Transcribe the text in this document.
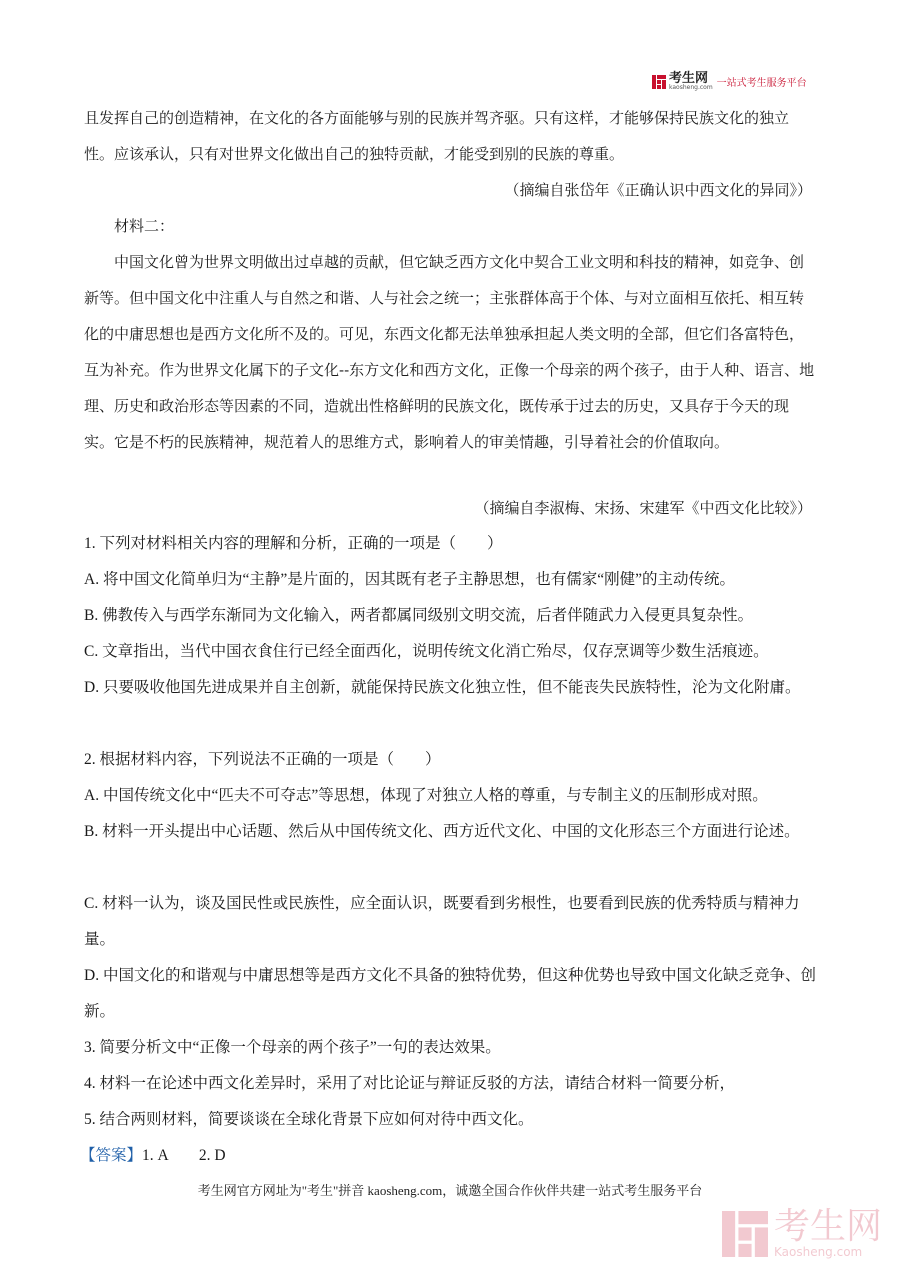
考生网
kaosheng.com 一站式考生服务平台

且发挥自己的创造精神，在文化的各方面能够与别的民族并驾齐驱。只有这样，才能够保持民族文化的独立性。应该承认，只有对世界文化做出自己的独特贡献，才能受到别的民族的尊重。

（摘编自张岱年《正确认识中西文化的异同》）

材料二：

中国文化曾为世界文明做出过卓越的贡献，但它缺乏西方文化中契合工业文明和科技的精神，如竞争、创新等。但中国文化中注重人与自然之和谐、人与社会之统一；主张群体高于个体、与对立面相互依托、相互转化的中庸思想也是西方文化所不及的。可见，东西文化都无法单独承担起人类文明的全部，但它们各富特色，互为补充。作为世界文化属下的子文化--东方文化和西方文化，正像一个母亲的两个孩子，由于人种、语言、地理、历史和政治形态等因素的不同，造就出性格鲜明的民族文化，既传承于过去的历史，又具存于今天的现实。它是不朽的民族精神，规范着人的思维方式，影响着人的审美情趣，引导着社会的价值取向。

（摘编自李淑梅、宋扬、宋建军《中西文化比较》）

1. 下列对材料相关内容的理解和分析，正确的一项是（　　）

A. 将中国文化简单归为“主静”是片面的，因其既有老子主静思想，也有儒家“刚健”的主动传统。

B. 佛教传入与西学东渐同为文化输入，两者都属同级别文明交流，后者伴随武力入侵更具复杂性。

C. 文章指出，当代中国衣食住行已经全面西化，说明传统文化消亡殆尽，仅存烹调等少数生活痕迹。

D. 只要吸收他国先进成果并自主创新，就能保持民族文化独立性，但不能丧失民族特性，沦为文化附庸。

2. 根据材料内容，下列说法不正确的一项是（　　）

A. 中国传统文化中“匹夫不可夺志”等思想，体现了对独立人格的尊重，与专制主义的压制形成对照。

B. 材料一开头提出中心话题、然后从中国传统文化、西方近代文化、中国的文化形态三个方面进行论述。

C. 材料一认为，谈及国民性或民族性，应全面认识，既要看到劣根性，也要看到民族的优秀特质与精神力量。

D. 中国文化的和谐观与中庸思想等是西方文化不具备的独特优势，但这种优势也导致中国文化缺乏竞争、创新。

3. 简要分析文中“正像一个母亲的两个孩子”一句的表达效果。

4. 材料一在论述中西文化差异时，采用了对比论证与辩证反驳的方法，请结合材料一简要分析，

5. 结合两则材料，简要谈谈在全球化背景下应如何对待中西文化。

【答案】1. A　　2. D

考生网官方网址为"考生"拼音 kaosheng.com，诚邀全国合作伙伴共建一站式考生服务平台
考生网
Kaosheng.com
